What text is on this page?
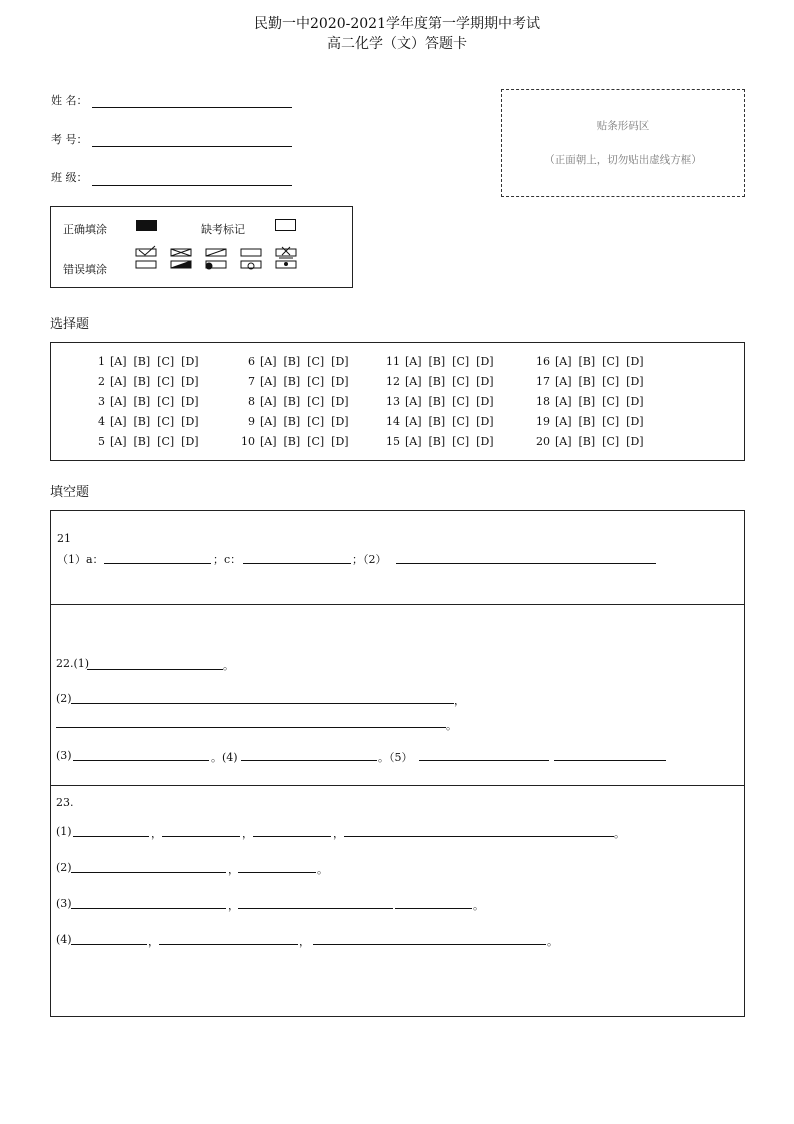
民勤一中2020-2021学年度第一学期期中考试
高二化学（文）答题卡
姓 名：
考 号：
班 级：
贴条形码区
（正面朝上，切勿贴出虚线方框）
正确填涂	缺考标记
错误填涂
选择题
1 [A]  [B]  [C]  [D]
2 [A]  [B]  [C]  [D]
3 [A]  [B]  [C]  [D]
4 [A]  [B]  [C]  [D]
5 [A]  [B]  [C]  [D]
6 [A]  [B]  [C]  [D]
7 [A]  [B]  [C]  [D]
8 [A]  [B]  [C]  [D]
9 [A]  [B]  [C]  [D]
10 [A]  [B]  [C]  [D]
11 [A]  [B]  [C]  [D]
12 [A]  [B]  [C]  [D]
13 [A]  [B]  [C]  [D]
14 [A]  [B]  [C]  [D]
15 [A]  [B]  [C]  [D]
16 [A]  [B]  [C]  [D]
17 [A]  [B]  [C]  [D]
18 [A]  [B]  [C]  [D]
19 [A]  [B]  [C]  [D]
20 [A]  [B]  [C]  [D]
填空题
21
（1）a：	；c：	；（2）
22.(1)	。
(2)	，
。
(3)	。(4)	。（5）
23.
(1)	，	，	，	。
(2)	，	。
(3)	，	。
(4)	，	，	。
